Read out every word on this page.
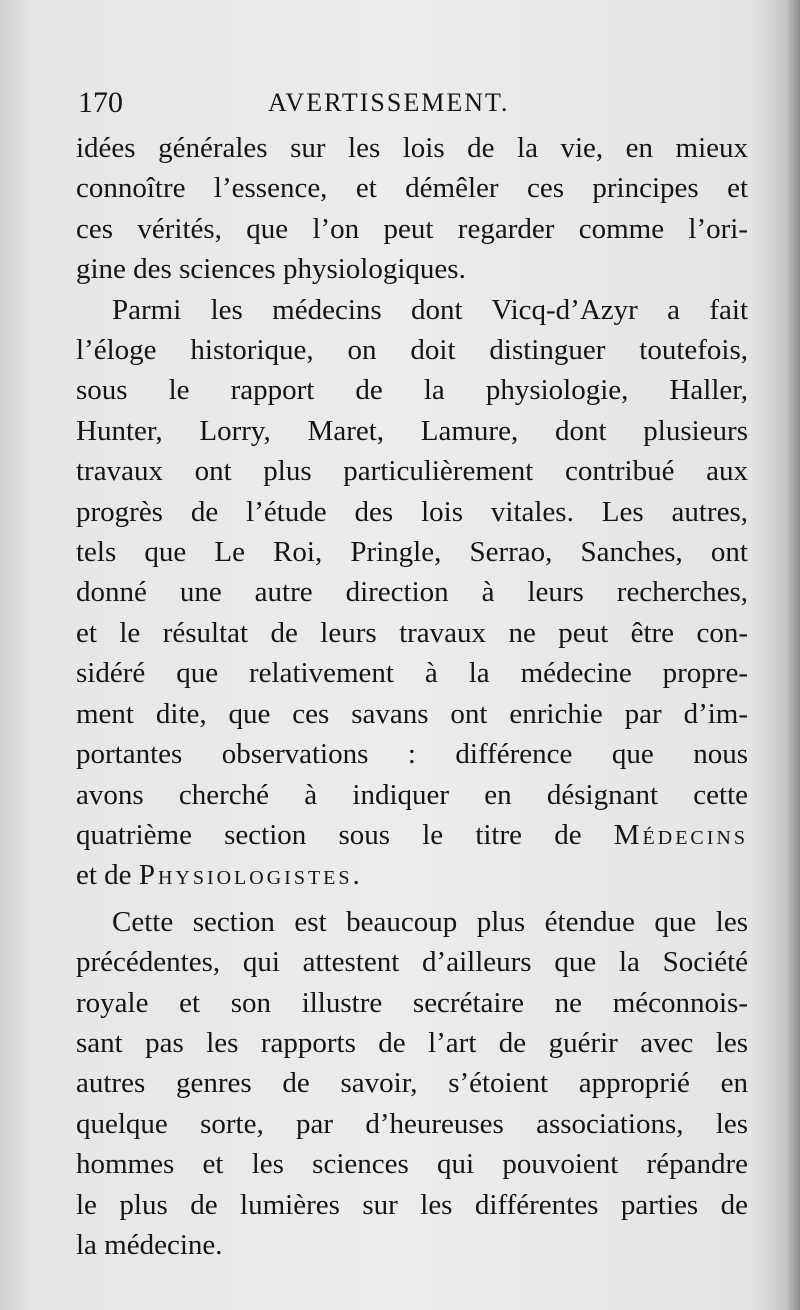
170	AVERTISSEMENT.
idées générales sur les lois de la vie, en mieux
connoître l’essence, et démêler ces principes et
ces vérités, que l’on peut regarder comme l’ori-
gine des sciences physiologiques.
Parmi les médecins dont Vicq-d’Azyr a fait
l’éloge historique, on doit distinguer toutefois,
sous le rapport de la physiologie, Haller,
Hunter, Lorry, Maret, Lamure, dont plusieurs
travaux ont plus particulièrement contribué aux
progrès de l’étude des lois vitales. Les autres,
tels que Le Roi, Pringle, Serrao, Sanches, ont
donné une autre direction à leurs recherches,
et le résultat de leurs travaux ne peut être con-
sidéré que relativement à la médecine propre-
ment dite, que ces savans ont enrichie par d’im-
portantes observations : différence que nous
avons cherché à indiquer en désignant cette
quatrième section sous le titre de Médecins
et de Physiologistes.
Cette section est beaucoup plus étendue que les
précédentes, qui attestent d’ailleurs que la Société
royale et son illustre secrétaire ne méconnois-
sant pas les rapports de l’art de guérir avec les
autres genres de savoir, s’étoient approprié en
quelque sorte, par d’heureuses associations, les
hommes et les sciences qui pouvoient répandre
le plus de lumières sur les différentes parties de
la médecine.
